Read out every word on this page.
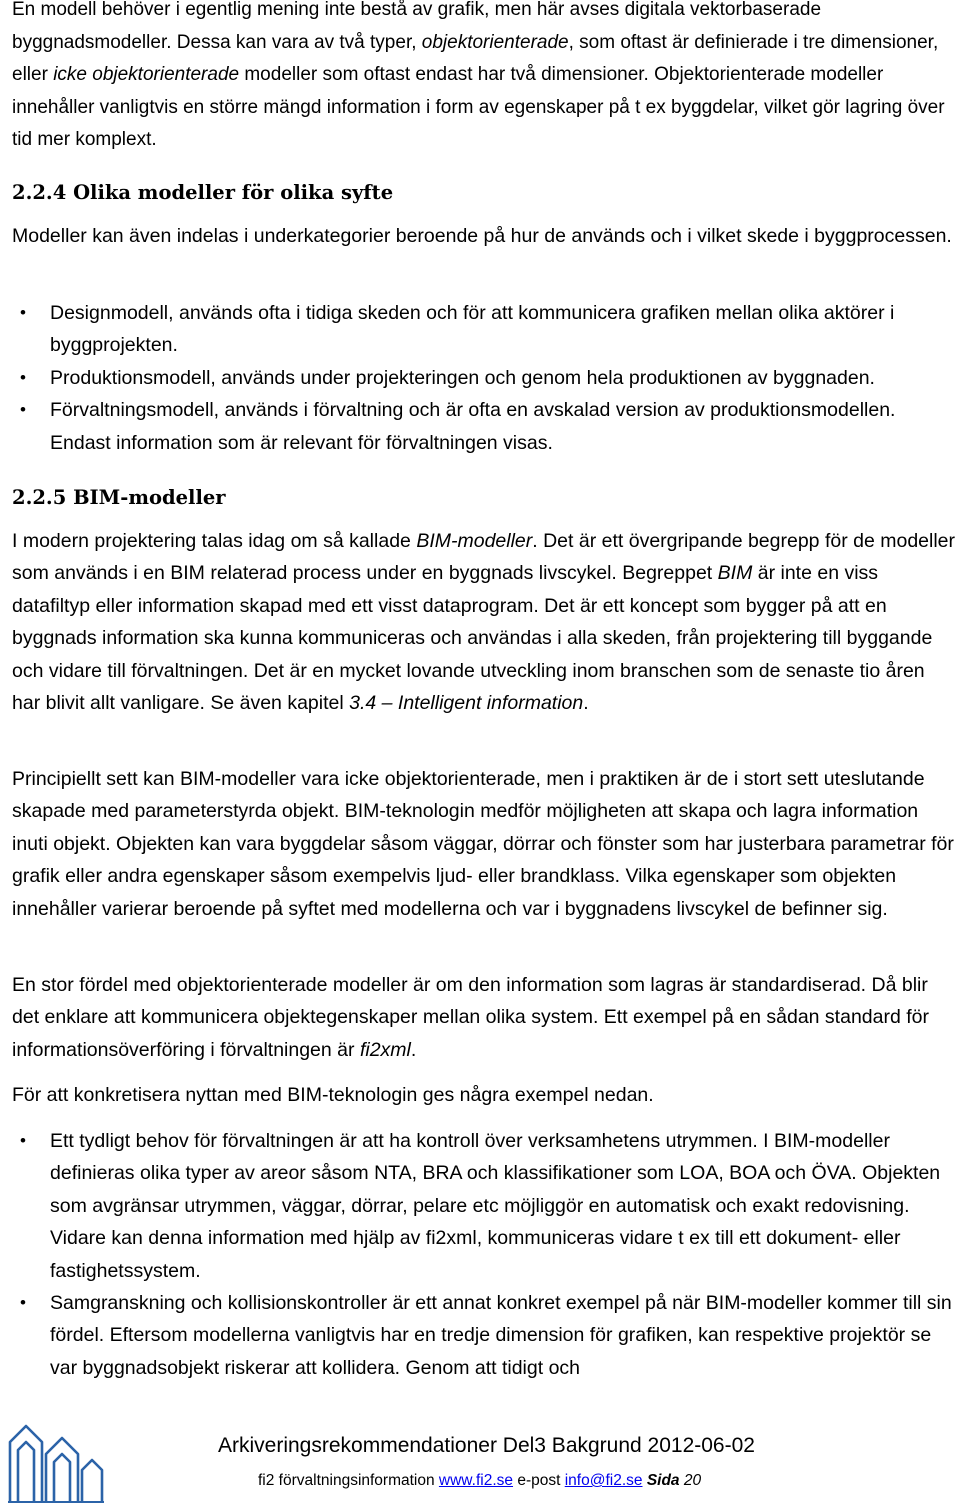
En modell behöver i egentlig mening inte bestå av grafik, men här avses digitala vektorbaserade byggnadsmodeller. Dessa kan vara av två typer, objektorienterade, som oftast är definierade i tre dimensioner, eller icke objektorienterade modeller som oftast endast har två dimensioner. Objektorienterade modeller innehåller vanligtvis en större mängd information i form av egenskaper på t ex byggdelar, vilket gör lagring över tid mer komplext.

2.2.4 Olika modeller för olika syfte

Modeller kan även indelas i underkategorier beroende på hur de används och i vilket skede i byggprocessen.

• Designmodell, används ofta i tidiga skeden och för att kommunicera grafiken mellan olika aktörer i byggprojekten.
• Produktionsmodell, används under projekteringen och genom hela produktionen av byggnaden.
• Förvaltningsmodell, används i förvaltning och är ofta en avskalad version av produktionsmodellen. Endast information som är relevant för förvaltningen visas.
2.2.5 BIM-modeller

I modern projektering talas idag om så kallade BIM-modeller. Det är ett övergripande begrepp för de modeller som används i en BIM relaterad process under en byggnads livscykel. Begreppet BIM är inte en viss datafiltyp eller information skapad med ett visst dataprogram. Det är ett koncept som bygger på att en byggnads information ska kunna kommuniceras och användas i alla skeden, från projektering till byggande och vidare till förvaltningen. Det är en mycket lovande utveckling inom branschen som de senaste tio åren har blivit allt vanligare. Se även kapitel 3.4 – Intelligent information.

Principiellt sett kan BIM-modeller vara icke objektorienterade, men i praktiken är de i stort sett uteslutande skapade med parameterstyrda objekt. BIM-teknologin medför möjligheten att skapa och lagra information inuti objekt. Objekten kan vara byggdelar såsom väggar, dörrar och fönster som har justerbara parametrar för grafik eller andra egenskaper såsom exempelvis ljud- eller brandklass. Vilka egenskaper som objekten innehåller varierar beroende på syftet med modellerna och var i byggnadens livscykel de befinner sig.

En stor fördel med objektorienterade modeller är om den information som lagras är standardiserad. Då blir det enklare att kommunicera objektegenskaper mellan olika system. Ett exempel på en sådan standard för informationsöverföring i förvaltningen är fi2xml.

För att konkretisera nyttan med BIM-teknologin ges några exempel nedan.

• Ett tydligt behov för förvaltningen är att ha kontroll över verksamhetens utrymmen. I BIM-modeller definieras olika typer av areor såsom NTA, BRA och klassifikationer som LOA, BOA och ÖVA. Objekten som avgränsar utrymmen, väggar, dörrar, pelare etc möjliggör en automatisk och exakt redovisning. Vidare kan denna information med hjälp av fi2xml, kommuniceras vidare t ex till ett dokument- eller fastighetssystem.
• Samgranskning och kollisionskontroller är ett annat konkret exempel på när BIM-modeller kommer till sin fördel. Eftersom modellerna vanligtvis har en tredje dimension för grafiken, kan respektive projektör se var byggnadsobjekt riskerar att kollidera. Genom att tidigt och
Arkiveringsrekommendationer Del3 Bakgrund 2012-06-02
fi2 förvaltningsinformation www.fi2.se e-post info@fi2.se Sida 20
